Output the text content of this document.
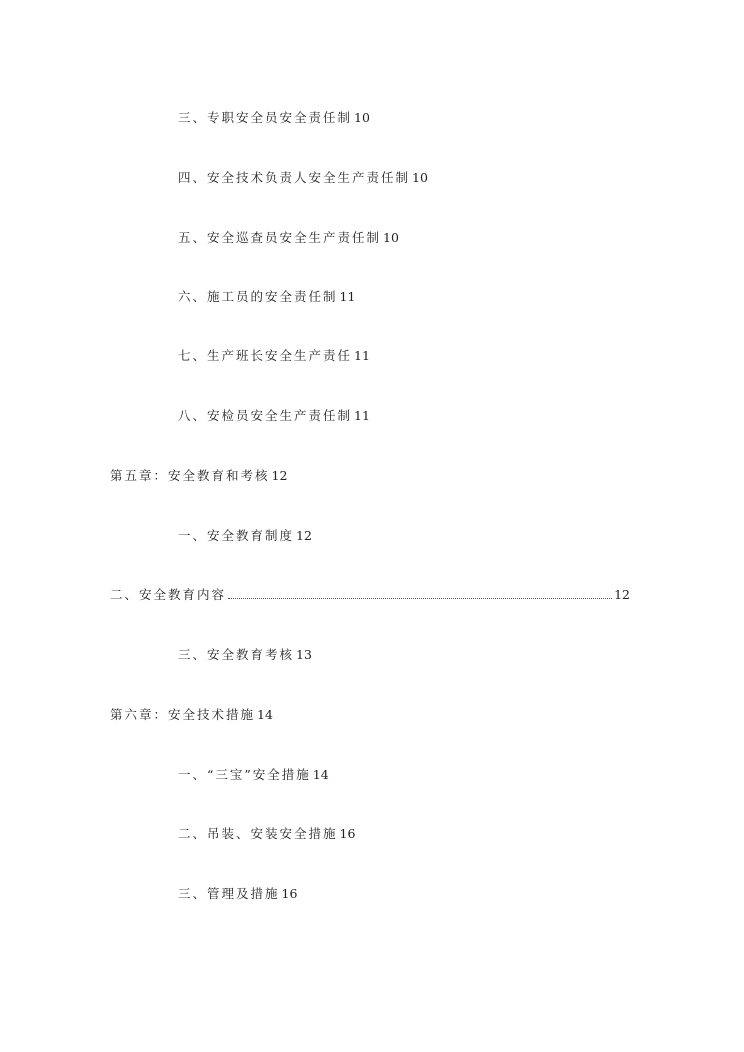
三、专职安全员安全责任制 10
四、安全技术负责人安全生产责任制 10
五、安全巡查员安全生产责任制 10
六、施工员的安全责任制 11
七、生产班长安全生产责任 11
八、安检员安全生产责任制 11
第五章：安全教育和考核 12
一、安全教育制度 12
二、安全教育内容	12
三、安全教育考核 13
第六章：安全技术措施 14
一、“三宝”安全措施 14
二、吊装、安装安全措施 16
三、管理及措施 16
